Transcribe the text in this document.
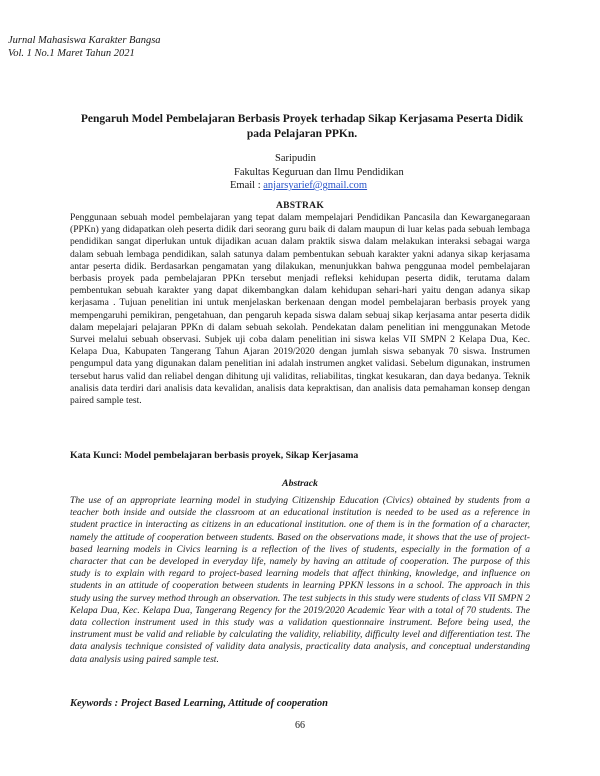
Jurnal Mahasiswa Karakter Bangsa
Vol. 1 No.1 Maret Tahun 2021
Pengaruh Model Pembelajaran Berbasis Proyek terhadap Sikap Kerjasama Peserta Didik pada Pelajaran PPKn.
Saripudin
Fakultas Keguruan dan Ilmu Pendidikan
Email : anjarsyarief@gmail.com
ABSTRAK
Penggunaan sebuah model pembelajaran yang tepat dalam mempelajari Pendidikan Pancasila dan Kewarganegaraan (PPKn) yang didapatkan oleh peserta didik dari seorang guru baik di dalam maupun di luar kelas pada sebuah lembaga pendidikan sangat diperlukan untuk dijadikan acuan dalam praktik siswa dalam melakukan interaksi sebagai warga dalam sebuah lembaga pendidikan, salah satunya dalam pembentukan sebuah karakter yakni adanya sikap kerjasama antar peserta didik. Berdasarkan pengamatan yang dilakukan, menunjukkan bahwa penggunaa model pembelajaran berbasis proyek pada pembelajaran PPKn tersebut menjadi refleksi kehidupan peserta didik, terutama dalam pembentukan sebuah karakter yang dapat dikembangkan dalam kehidupan sehari-hari yaitu dengan adanya sikap kerjasama . Tujuan penelitian ini untuk menjelaskan berkenaan dengan model pembelajaran berbasis proyek yang mempengaruhi pemikiran, pengetahuan, dan pengaruh kepada siswa dalam sebuaj sikap kerjasama antar peserta didik dalam mepelajari pelajaran PPKn di dalam sebuah sekolah. Pendekatan dalam penelitian ini menggunakan Metode Survei melalui sebuah observasi. Subjek uji coba dalam penelitian ini siswa kelas VII SMPN 2 Kelapa Dua, Kec. Kelapa Dua, Kabupaten Tangerang Tahun Ajaran 2019/2020 dengan jumlah siswa sebanyak 70 siswa. Instrumen pengumpul data yang digunakan dalam penelitian ini adalah instrumen angket validasi. Sebelum digunakan, instrumen tersebut harus valid dan reliabel dengan dihitung uji validitas, reliabilitas, tingkat kesukaran, dan daya bedanya. Teknik analisis data terdiri dari analisis data kevalidan, analisis data kepraktisan, dan analisis data pemahaman konsep dengan paired sample test.
Kata Kunci: Model pembelajaran berbasis proyek, Sikap Kerjasama
Abstrack
The use of an appropriate learning model in studying Citizenship Education (Civics) obtained by students from a teacher both inside and outside the classroom at an educational institution is needed to be used as a reference in student practice in interacting as citizens in an educational institution. one of them is in the formation of a character, namely the attitude of cooperation between students. Based on the observations made, it shows that the use of project-based learning models in Civics learning is a reflection of the lives of students, especially in the formation of a character that can be developed in everyday life, namely by having an attitude of cooperation. The purpose of this study is to explain with regard to project-based learning models that affect thinking, knowledge, and influence on students in an attitude of cooperation between students in learning PPKN lessons in a school. The approach in this study using the survey method through an observation. The test subjects in this study were students of class VII SMPN 2 Kelapa Dua, Kec. Kelapa Dua, Tangerang Regency for the 2019/2020 Academic Year with a total of 70 students. The data collection instrument used in this study was a validation questionnaire instrument. Before being used, the instrument must be valid and reliable by calculating the validity, reliability, difficulty level and differentiation test. The data analysis technique consisted of validity data analysis, practicality data analysis, and conceptual understanding data analysis using paired sample test.
Keywords : Project Based Learning, Attitude of cooperation
66
